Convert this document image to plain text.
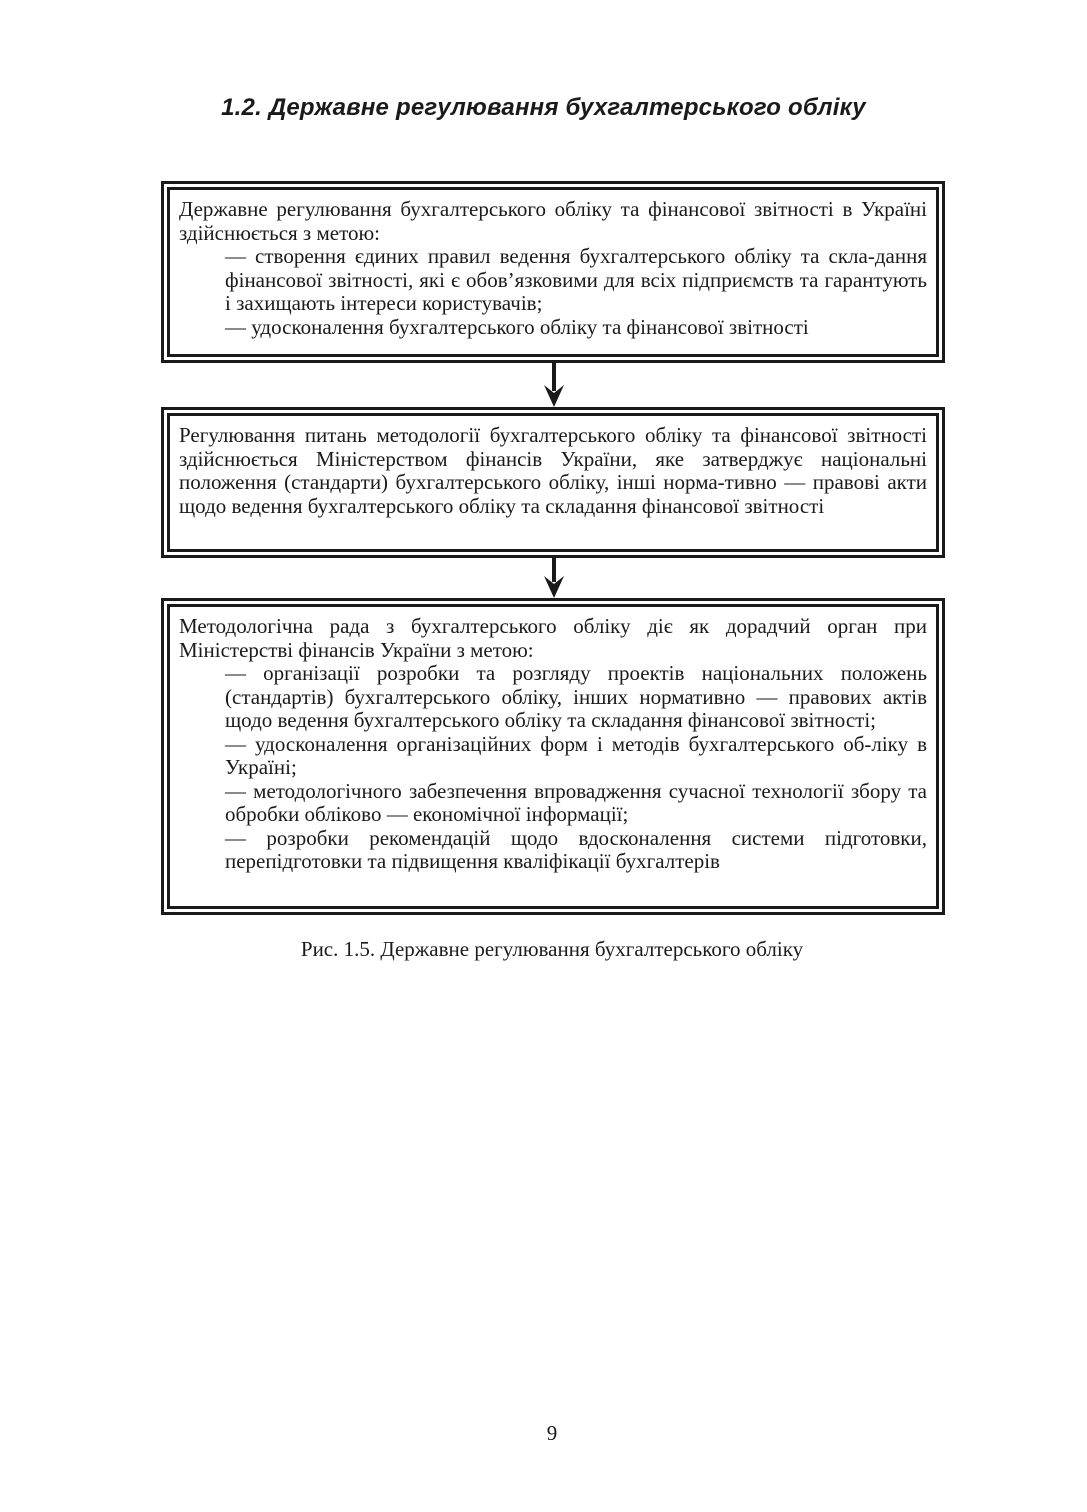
1.2. Державне регулювання бухгалтерського обліку

Державне регулювання бухгалтерського обліку та фінансової звітності в Україні здійснюється з метою:

— створення єдиних правил ведення бухгалтерського обліку та скла-дання фінансової звітності, які є обов’язковими для всіх підприємств та гарантують і захищають інтереси користувачів;
— удосконалення бухгалтерського обліку та фінансової звітності

Регулювання питань методології бухгалтерського обліку та фінансової звітності здійснюється Міністерством фінансів України, яке затверджує національні положення (стандарти) бухгалтерського обліку, інші норма-тивно — правові акти щодо ведення бухгалтерського обліку та складання фінансової звітності

Методологічна рада з бухгалтерського обліку діє як дорадчий орган при Міністерстві фінансів України з метою:

— організації розробки та розгляду проектів національних положень (стандартів) бухгалтерського обліку, інших нормативно — правових актів щодо ведення бухгалтерського обліку та складання фінансової звітності;
— удосконалення організаційних форм і методів бухгалтерського об-ліку в Україні;
— методологічного забезпечення впровадження сучасної технології збору та обробки обліково — економічної інформації;
— розробки рекомендацій щодо вдосконалення системи підготовки, перепідготовки та підвищення кваліфікації бухгалтерів

Рис. 1.5. Державне регулювання бухгалтерського обліку

9
